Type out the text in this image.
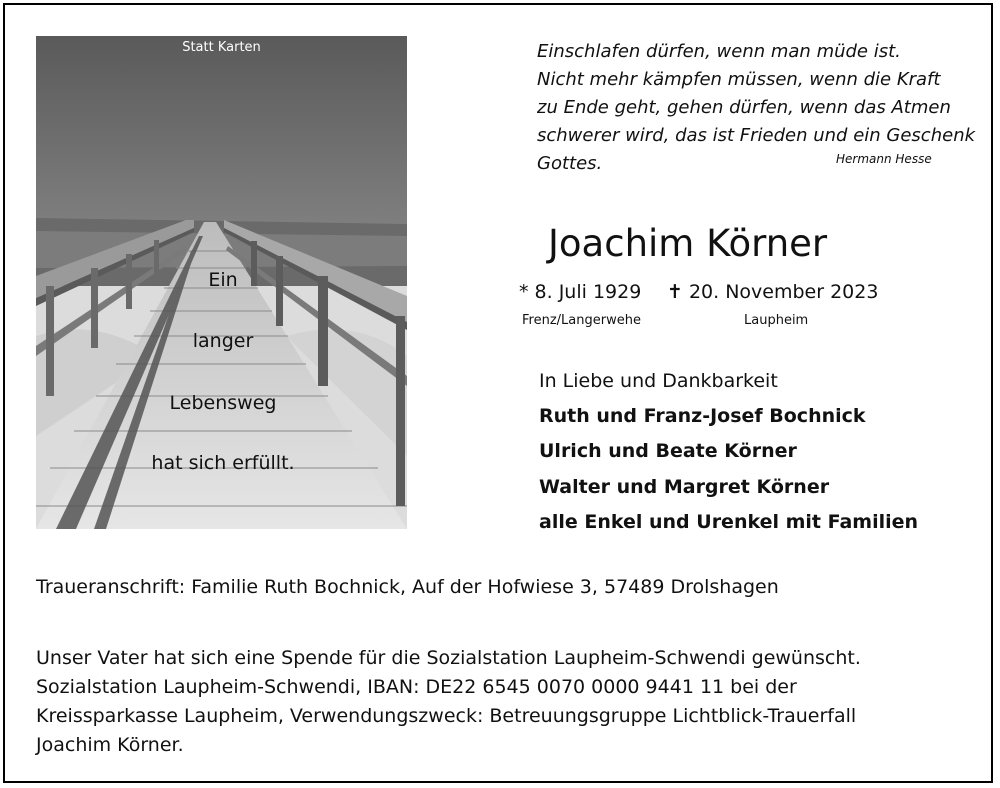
Statt Karten
Ein
langer
Lebensweg
hat sich erfüllt.
Einschlafen dürfen, wenn man müde ist.
Nicht mehr kämpfen müssen, wenn die Kraft
zu Ende geht, gehen dürfen, wenn das Atmen
schwerer wird, das ist Frieden und ein Geschenk
Gottes.	Hermann Hesse
Joachim Körner
* 8. Juli 1929 ✝ 20. November 2023
Frenz/Langerwehe	Laupheim
In Liebe und Dankbarkeit
Ruth und Franz-Josef Bochnick
Ulrich und Beate Körner
Walter und Margret Körner
alle Enkel und Urenkel mit Familien
Traueranschrift: Familie Ruth Bochnick, Auf der Hofwiese 3, 57489 Drolshagen
Unser Vater hat sich eine Spende für die Sozialstation Laupheim-Schwendi gewünscht.
Sozialstation Laupheim-Schwendi, IBAN: DE22 6545 0070 0000 9441 11 bei der
Kreissparkasse Laupheim, Verwendungszweck: Betreuungsgruppe Lichtblick-Trauerfall
Joachim Körner.
